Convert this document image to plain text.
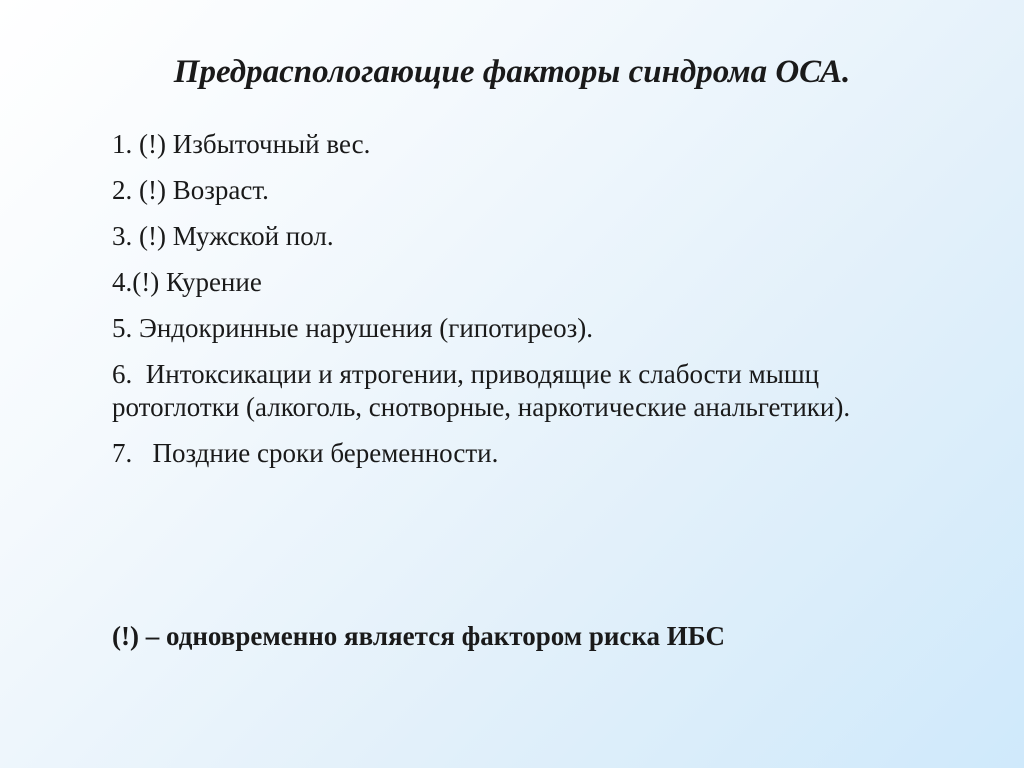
Предраспологающие факторы синдрома ОСА.
1. (!) Избыточный вес.
2. (!) Возраст.
3. (!) Мужской пол.
4.(!) Курение
5. Эндокринные нарушения (гипотиреоз).
6.  Интоксикации и ятрогении, приводящие к слабости мышц ротоглотки (алкоголь, снотворные, наркотические анальгетики).
7.   Поздние сроки беременности.

(!) – одновременно является фактором риска ИБС
